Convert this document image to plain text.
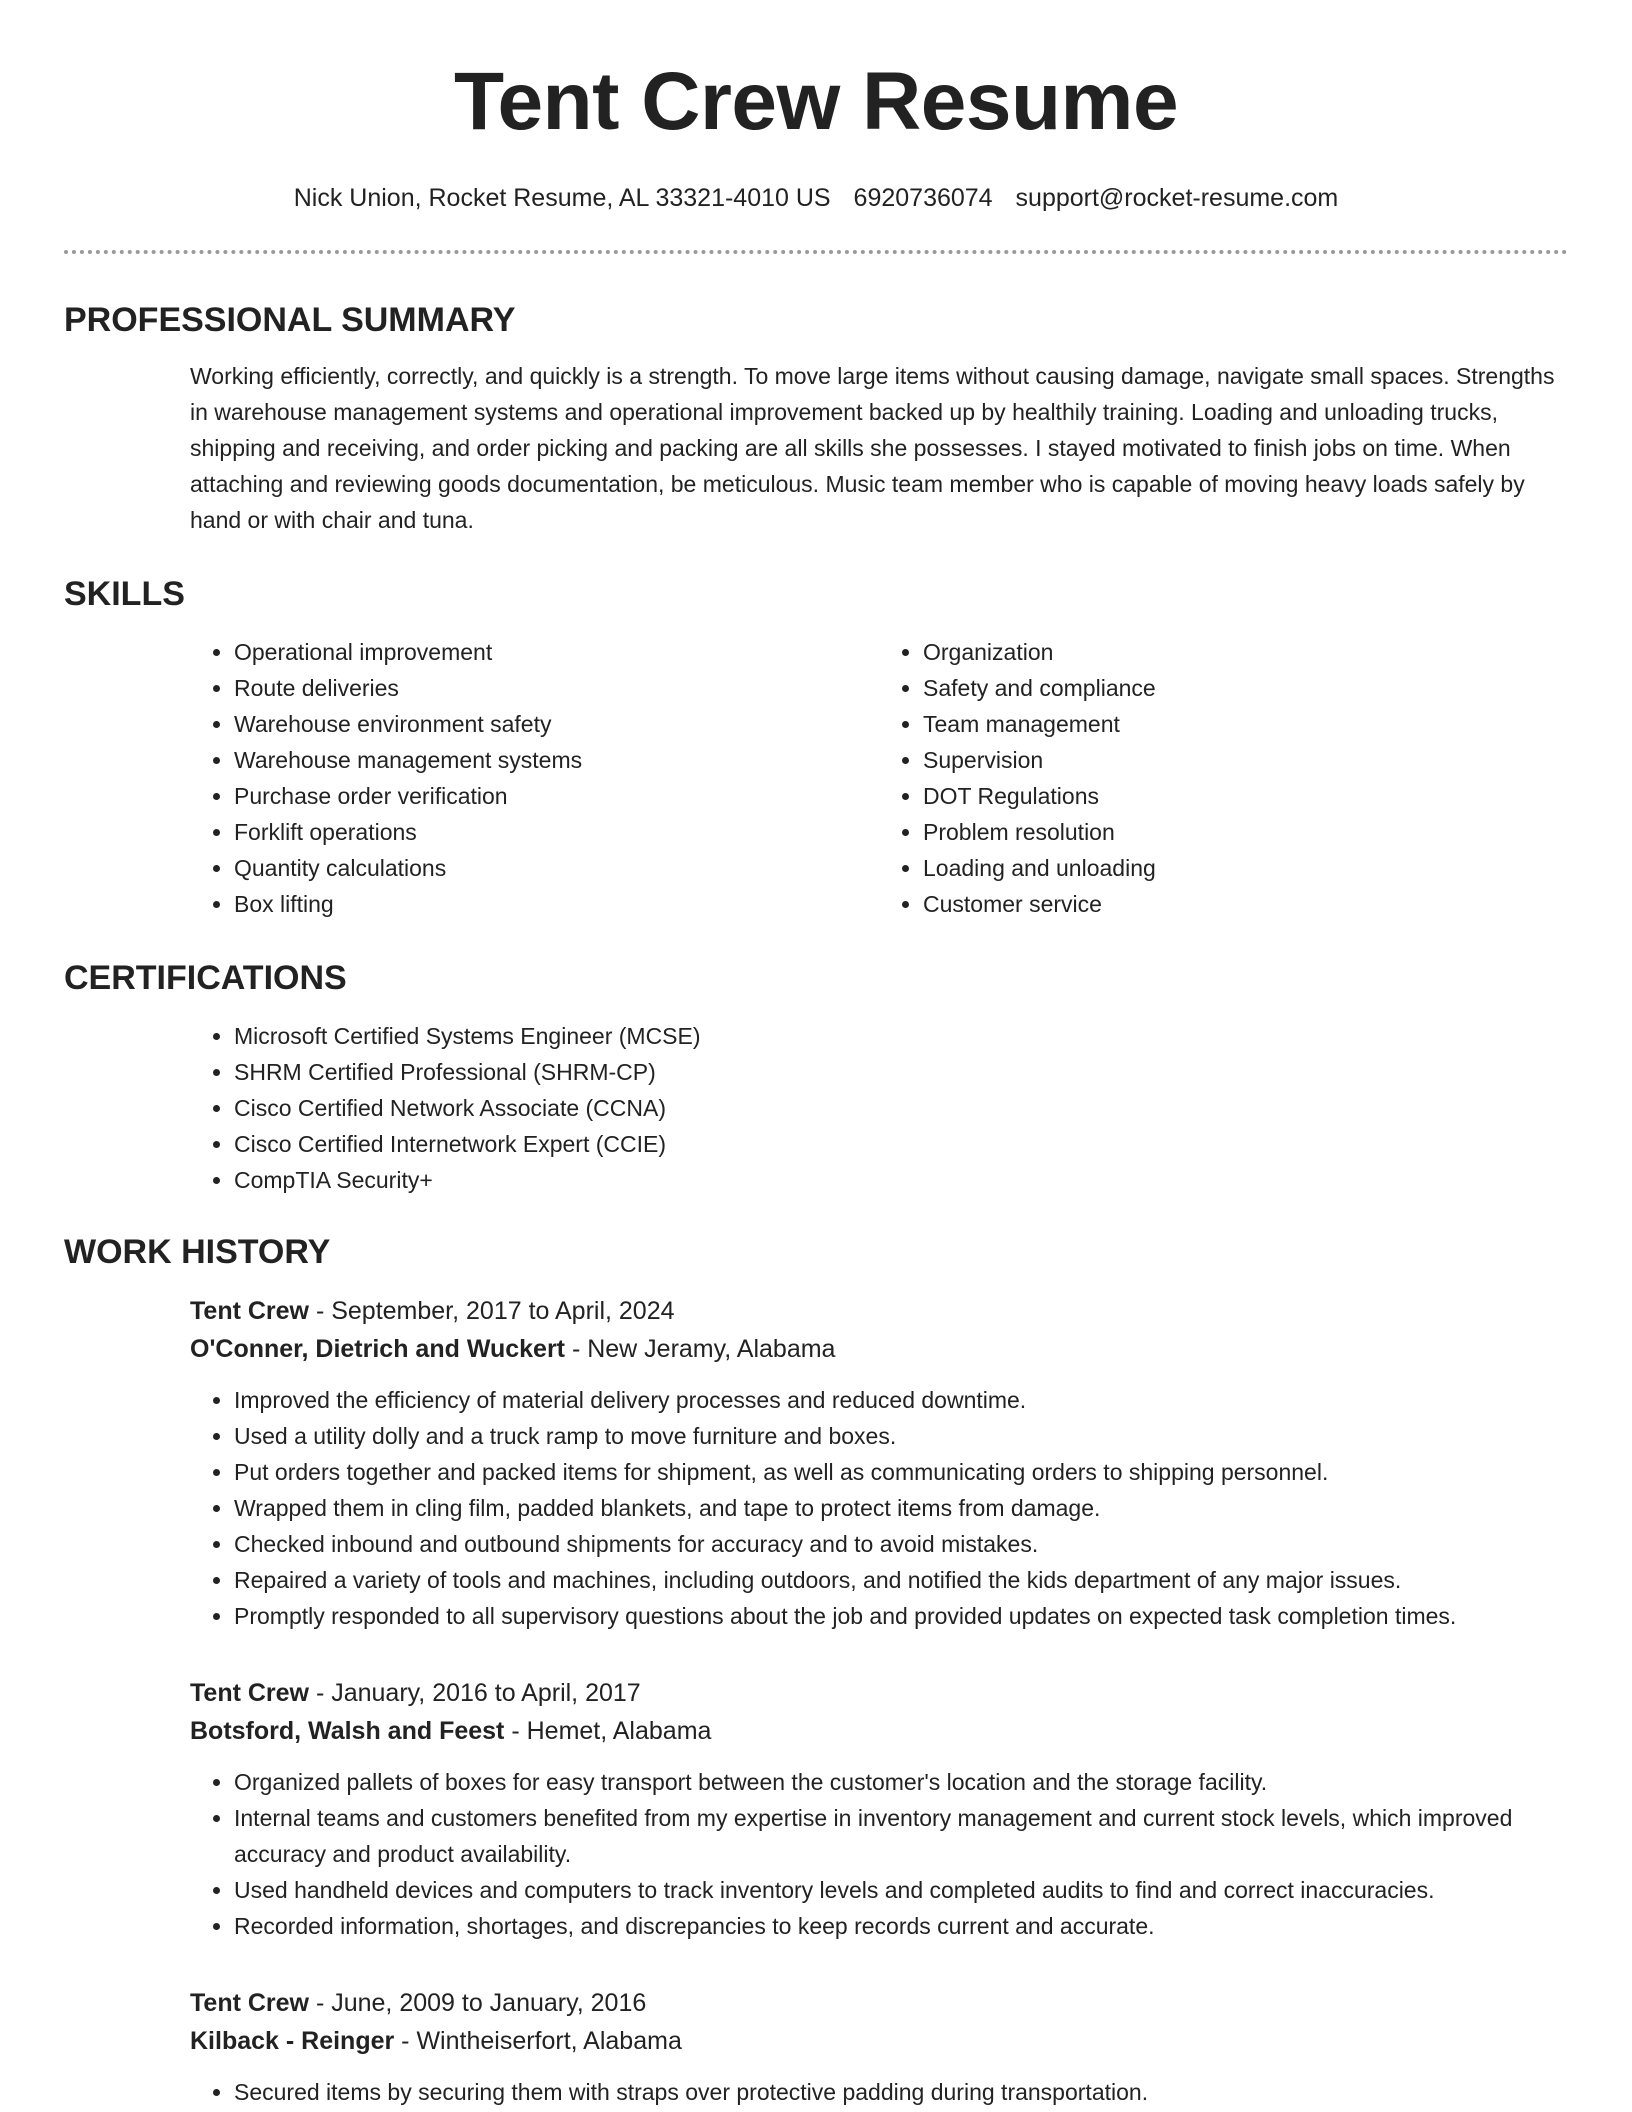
Tent Crew Resume
Nick Union, Rocket Resume, AL 33321-4010 US 6920736074 support@rocket-resume.com
PROFESSIONAL SUMMARY

Working efficiently, correctly, and quickly is a strength. To move large items without causing damage, navigate small spaces. Strengths in warehouse management systems and operational improvement backed up by healthily training. Loading and unloading trucks, shipping and receiving, and order picking and packing are all skills she possesses. I stayed motivated to finish jobs on time. When attaching and reviewing goods documentation, be meticulous. Music team member who is capable of moving heavy loads safely by hand or with chair and tuna.

SKILLS
• Operational improvement
• Route deliveries
• Warehouse environment safety
• Warehouse management systems
• Purchase order verification
• Forklift operations
• Quantity calculations
• Box lifting
• Organization
• Safety and compliance
• Team management
• Supervision
• DOT Regulations
• Problem resolution
• Loading and unloading
• Customer service
CERTIFICATIONS
• Microsoft Certified Systems Engineer (MCSE)
• SHRM Certified Professional (SHRM-CP)
• Cisco Certified Network Associate (CCNA)
• Cisco Certified Internetwork Expert (CCIE)
• CompTIA Security+
WORK HISTORY

Tent Crew - September, 2017 to April, 2024

O'Conner, Dietrich and Wuckert - New Jeramy, Alabama

• Improved the efficiency of material delivery processes and reduced downtime.
• Used a utility dolly and a truck ramp to move furniture and boxes.
• Put orders together and packed items for shipment, as well as communicating orders to shipping personnel.
• Wrapped them in cling film, padded blankets, and tape to protect items from damage.
• Checked inbound and outbound shipments for accuracy and to avoid mistakes.
• Repaired a variety of tools and machines, including outdoors, and notified the kids department of any major issues.
• Promptly responded to all supervisory questions about the job and provided updates on expected task completion times.

Tent Crew - January, 2016 to April, 2017

Botsford, Walsh and Feest - Hemet, Alabama

• Organized pallets of boxes for easy transport between the customer's location and the storage facility.
• Internal teams and customers benefited from my expertise in inventory management and current stock levels, which improved accuracy and product availability.
• Used handheld devices and computers to track inventory levels and completed audits to find and correct inaccuracies.
• Recorded information, shortages, and discrepancies to keep records current and accurate.

Tent Crew - June, 2009 to January, 2016

Kilback - Reinger - Wintheiserfort, Alabama

• Secured items by securing them with straps over protective padding during transportation.
